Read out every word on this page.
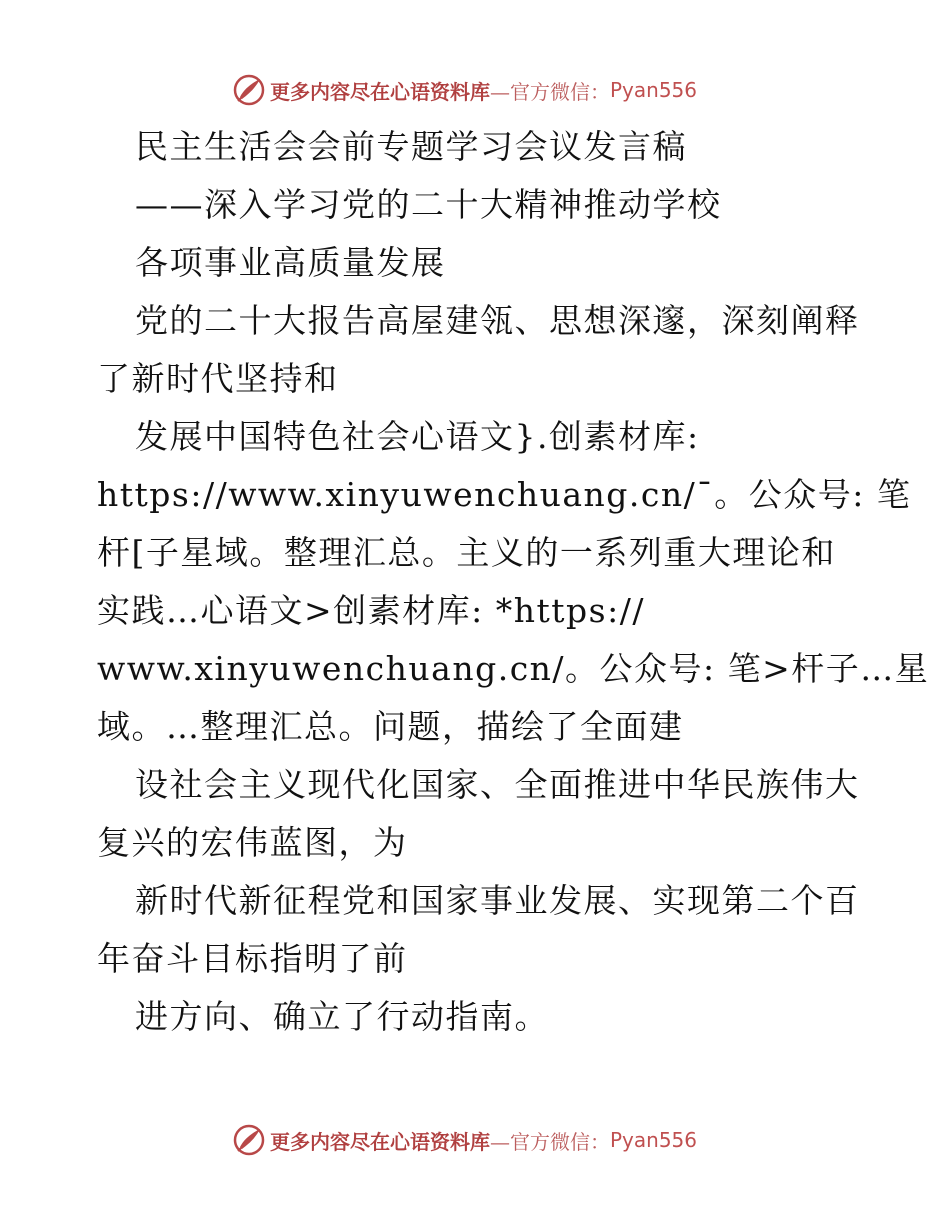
更多内容尽在心语资料库 —官方微信： Pyan556
民主生活会会前专题学习会议发言稿
——深入学习党的二十大精神推动学校
各项事业高质量发展
党的二十大报告高屋建瓴、思想深邃，深刻阐释
了新时代坚持和
发展中国特色社会心语文}.创素材库:
https://www.xinyuwenchuang.cn/¯。公众号: 笔
杆[子星域。整理汇总。主义的一系列重大理论和
实践…心语文>创素材库: *https://
www.xinyuwenchuang.cn/。公众号: 笔>杆子…星
域。…整理汇总。问题，描绘了全面建
设社会主义现代化国家、全面推进中华民族伟大
复兴的宏伟蓝图，为
新时代新征程党和国家事业发展、实现第二个百
年奋斗目标指明了前
进方向、确立了行动指南。
更多内容尽在心语资料库 —官方微信： Pyan556
